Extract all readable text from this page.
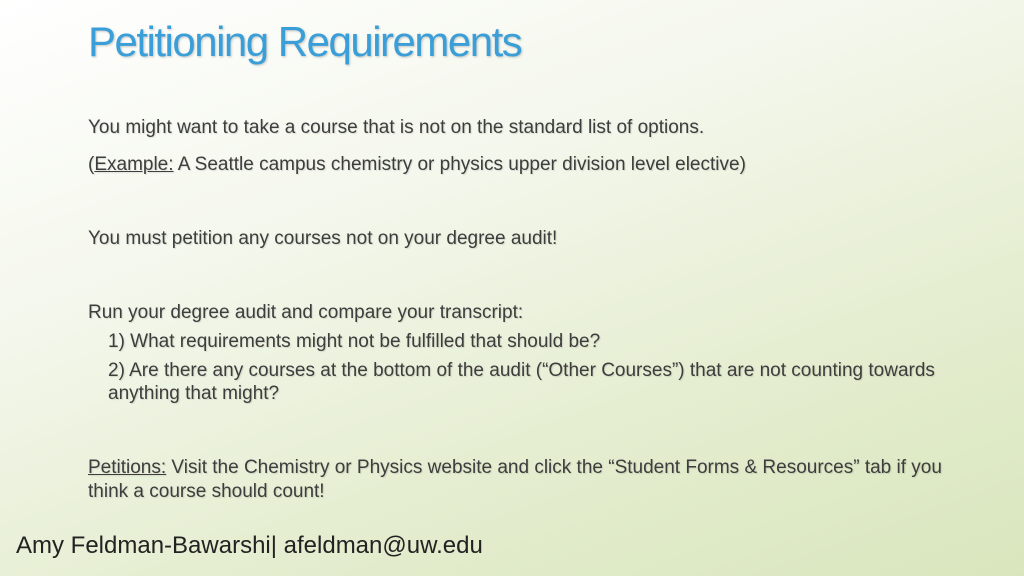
Petitioning Requirements
You might want to take a course that is not on the standard list of options.
(Example: A Seattle campus chemistry or physics upper division level elective)
You must petition any courses not on your degree audit!
Run your degree audit and compare your transcript:
1) What requirements might not be fulfilled that should be?
2) Are there any courses at the bottom of the audit (“Other Courses”) that are not counting towards anything that might?
Petitions: Visit the Chemistry or Physics website and click the “Student Forms & Resources” tab if you think a course should count!
Amy Feldman-Bawarshi| afeldman@uw.edu
